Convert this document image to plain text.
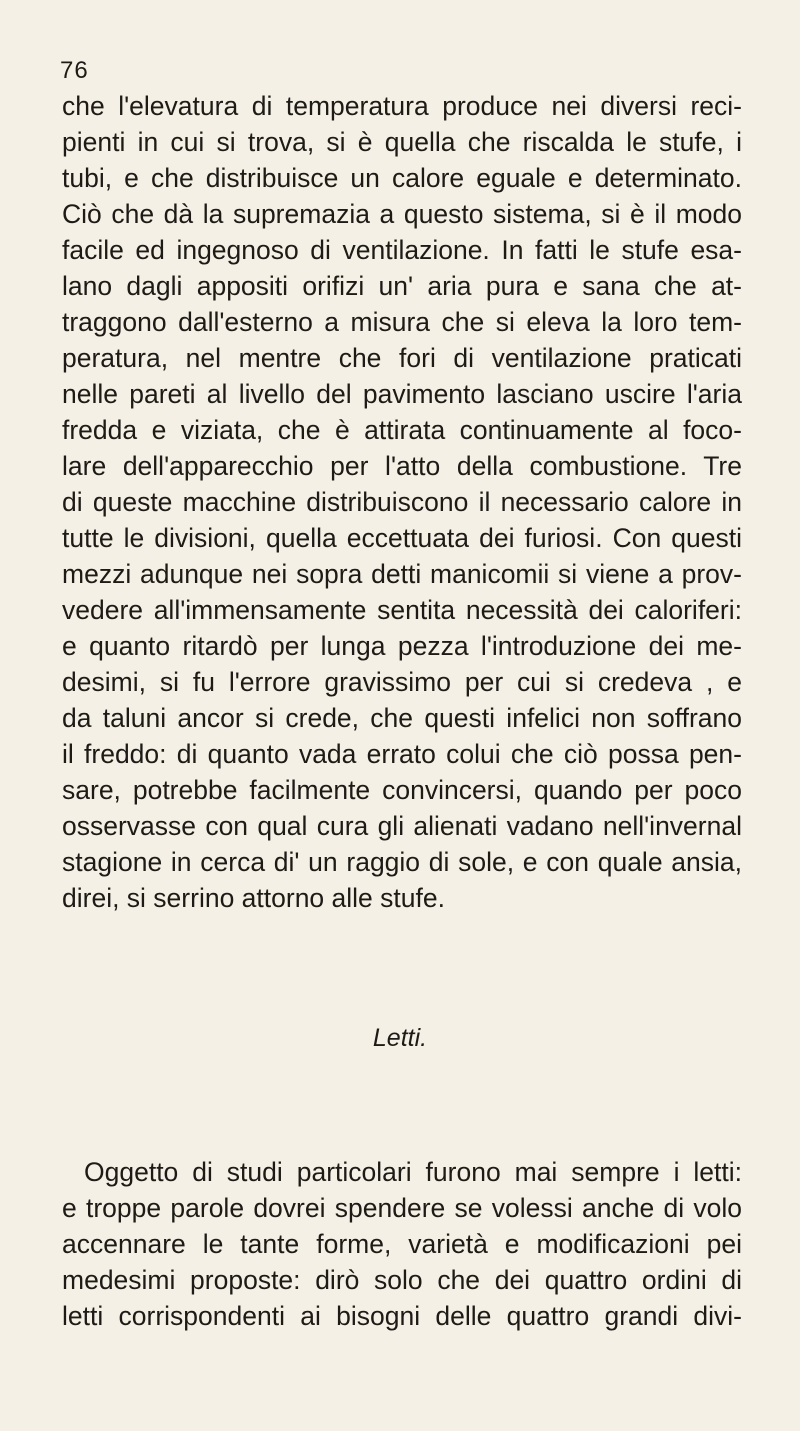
76
che l'elevatura di temperatura produce nei diversi reci-
pienti in cui si trova, si è quella che riscalda le stufe, i
tubi, e che distribuisce un calore eguale e determinato.
Ciò che dà la supremazia a questo sistema, si è il modo
facile ed ingegnoso di ventilazione. In fatti le stufe esa-
lano dagli appositi orifizi un' aria pura e sana che at-
traggono dall'esterno a misura che si eleva la loro tem-
peratura, nel mentre che fori di ventilazione praticati
nelle pareti al livello del pavimento lasciano uscire l'aria
fredda e viziata, che è attirata continuamente al foco-
lare dell'apparecchio per l'atto della combustione. Tre
di queste macchine distribuiscono il necessario calore in
tutte le divisioni, quella eccettuata dei furiosi. Con questi
mezzi adunque nei sopra detti manicomii si viene a prov-
vedere all'immensamente sentita necessità dei caloriferi:
e quanto ritardò per lunga pezza l'introduzione dei me-
desimi, si fu l'errore gravissimo per cui si credeva , e
da taluni ancor si crede, che questi infelici non soffrano
il freddo: di quanto vada errato colui che ciò possa pen-
sare, potrebbe facilmente convincersi, quando per poco
osservasse con qual cura gli alienati vadano nell'invernal
stagione in cerca di' un raggio di sole, e con quale ansia,
direi, si serrino attorno alle stufe.
Letti.
Oggetto di studi particolari furono mai sempre i letti:
e troppe parole dovrei spendere se volessi anche di volo
accennare le tante forme, varietà e modificazioni pei
medesimi proposte: dirò solo che dei quattro ordini di
letti corrispondenti ai bisogni delle quattro grandi divi-
